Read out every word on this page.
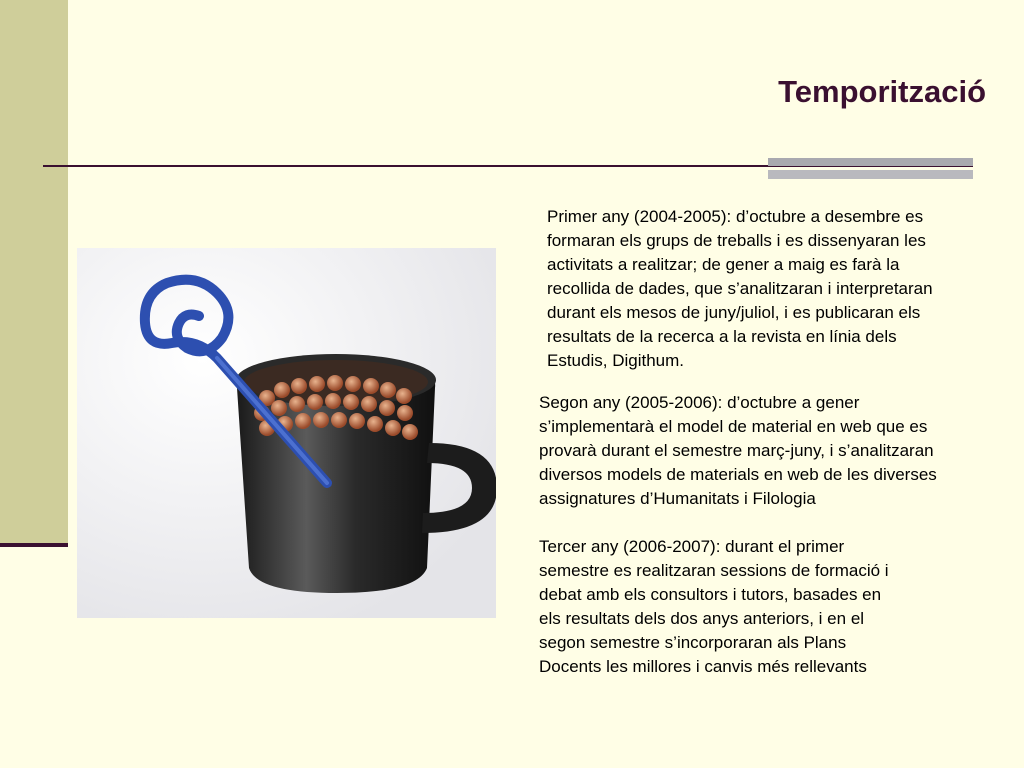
Temporització

Primer any (2004-2005): d’octubre a desembre es
formaran els grups de treballs i es dissenyaran les
activitats a realitzar; de gener a maig es farà la
recollida de dades, que s’analitzaran i interpretaran
durant els mesos de juny/juliol, i es publicaran els
resultats de la recerca a la revista en línia dels
Estudis, Digithum.

Segon any (2005-2006): d’octubre a gener
s’implementarà el model de material en web que es
provarà durant el semestre març-juny, i s’analitzaran
diversos models de materials en web de les diverses
assignatures d’Humanitats i Filologia

Tercer any (2006-2007): durant el primer
semestre es realitzaran sessions de formació i
debat amb els consultors i tutors, basades en
els resultats dels dos anys anteriors, i en el
segon semestre s’incorporaran als Plans
Docents les millores i canvis més rellevants
